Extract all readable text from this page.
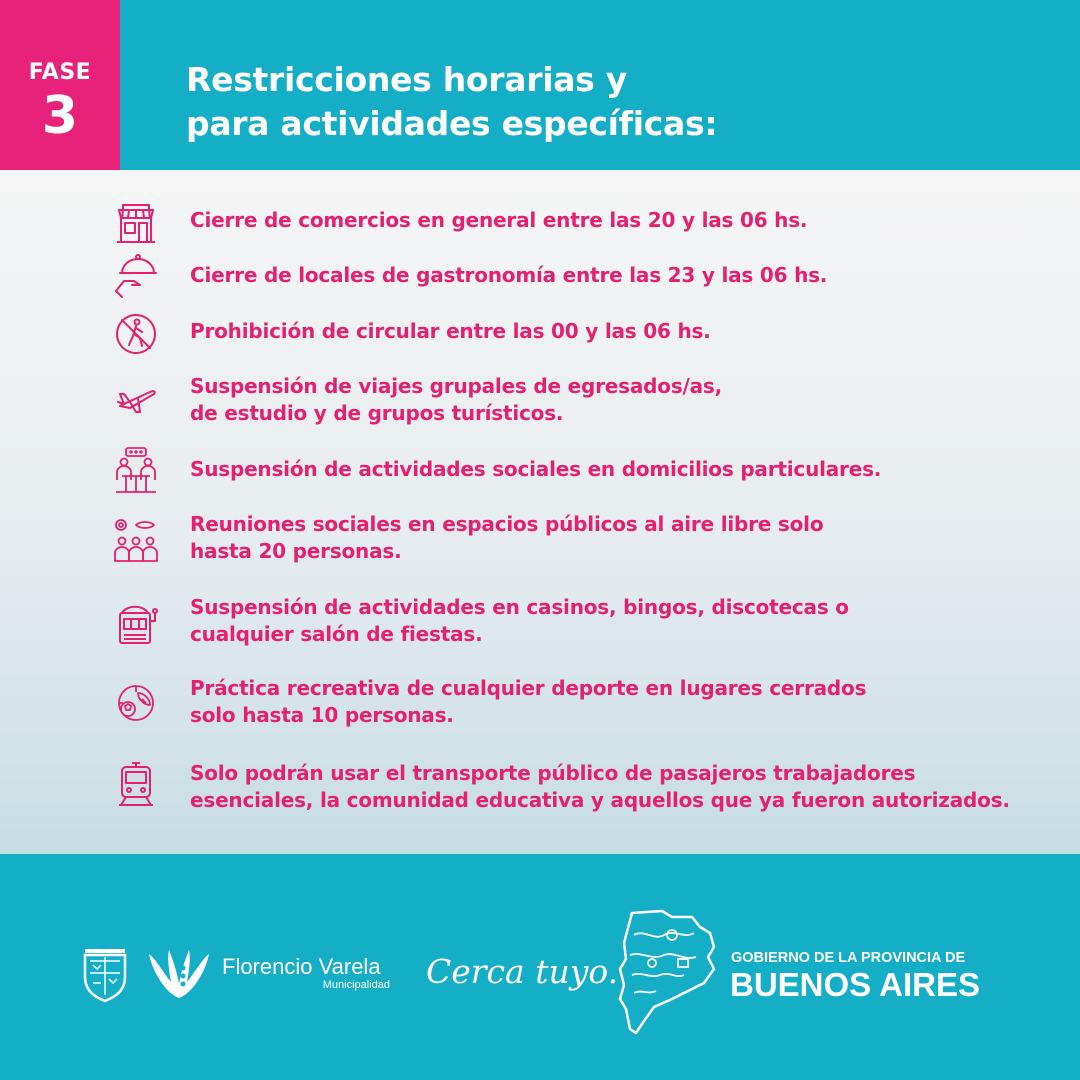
FASE
3
Restricciones horarias y
para actividades específicas:
Cierre de comercios en general entre las 20 y las 06 hs.
Cierre de locales de gastronomía entre las 23 y las 06 hs.
Prohibición de circular entre las 00 y las 06 hs.
Suspensión de viajes grupales de egresados/as,
de estudio y de grupos turísticos.
Suspensión de actividades sociales en domicilios particulares.
Reuniones sociales en espacios públicos al aire libre solo
hasta 20 personas.
Suspensión de actividades en casinos, bingos, discotecas o
cualquier salón de fiestas.
Práctica recreativa de cualquier deporte en lugares cerrados
solo hasta 10 personas.
Solo podrán usar el transporte público de pasajeros trabajadores
esenciales, la comunidad educativa y aquellos que ya fueron autorizados.
Florencio Varela
Municipalidad Cerca tuyo.	GOBIERNO DE LA PROVINCIA DE
BUENOS AIRES
